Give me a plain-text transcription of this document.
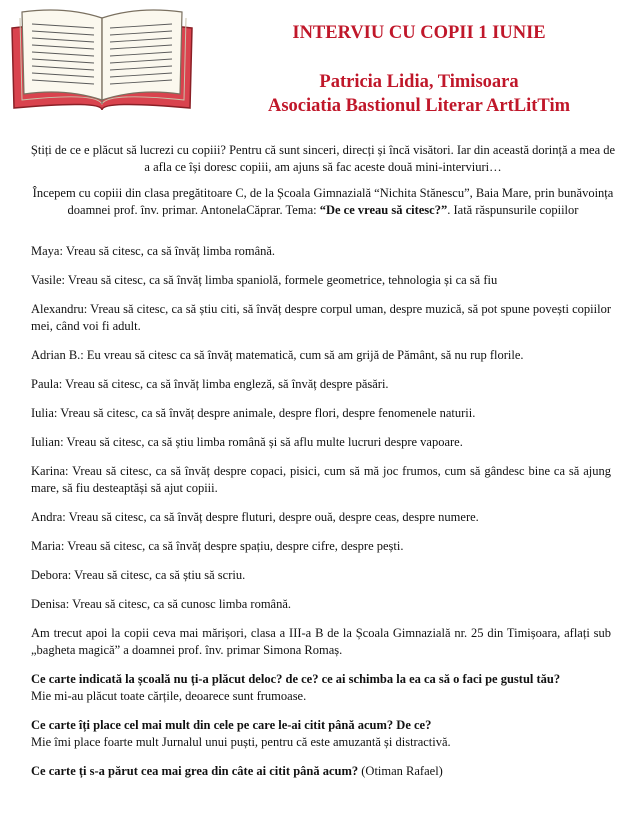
INTERVIU CU COPII 1 IUNIE

Patricia Lidia, Timisoara

Asociatia Bastionul Literar ArtLitTim

Știți de ce e plăcut să lucrezi cu copiii? Pentru că sunt sinceri, direcți și încă visători. Iar din această dorință a mea de a afla ce își doresc copiii, am ajuns să fac aceste două mini-interviuri…

Începem cu copiii din clasa pregătitoare C, de la Școala Gimnazială “Nichita Stănescu”, Baia Mare, prin bunăvoința doamnei prof. înv. primar. AntonelaCăprar. Tema: “De ce vreau să citesc?”. Iată răspunsurile copiilor

Maya: Vreau să citesc, ca să învăț limba română.

Vasile: Vreau să citesc, ca să învăț limba spaniolă, formele geometrice, tehnologia și ca să fiu

Alexandru: Vreau să citesc, ca să știu citi, să învăț despre corpul uman, despre muzică, să pot spune povești copiilor mei, când voi fi adult.

Adrian B.: Eu vreau să citesc ca să învăț matematică, cum să am grijă de Pământ, să nu rup florile.

Paula: Vreau să citesc, ca să învăț limba engleză, să învăț despre păsări.

Iulia: Vreau să citesc, ca să învăț despre animale, despre flori, despre fenomenele naturii.

Iulian: Vreau să citesc, ca să știu limba română și să aflu multe lucruri despre vapoare.

Karina: Vreau să citesc, ca să învăț despre copaci, pisici, cum să mă joc frumos, cum să gândesc bine ca să ajung mare, să fiu desteaptăși să ajut copiii.

Andra: Vreau să citesc, ca să învăț despre fluturi, despre ouă, despre ceas, despre numere.

Maria: Vreau să citesc, ca să învăț despre spațiu, despre cifre, despre pești.

Debora: Vreau să citesc, ca să știu să scriu.

Denisa: Vreau să citesc, ca să cunosc limba română.

Am trecut apoi la copii ceva mai mărișori, clasa a III-a B de la Școala Gimnazială nr. 25 din Timișoara, aflați sub „bagheta magică” a doamnei prof. înv. primar Simona Romaș.

Ce carte indicată la școală nu ți-a plăcut deloc? de ce? ce ai schimba la ea ca să o faci pe gustul tău?
Mie mi-au plăcut toate cărțile, deoarece sunt frumoase.

Ce carte îți place cel mai mult din cele pe care le-ai citit până acum? De ce?
Mie îmi place foarte mult Jurnalul unui puști, pentru că este amuzantă și distractivă.

Ce carte ți s-a părut cea mai grea din câte ai citit până acum? (Otiman Rafael)
